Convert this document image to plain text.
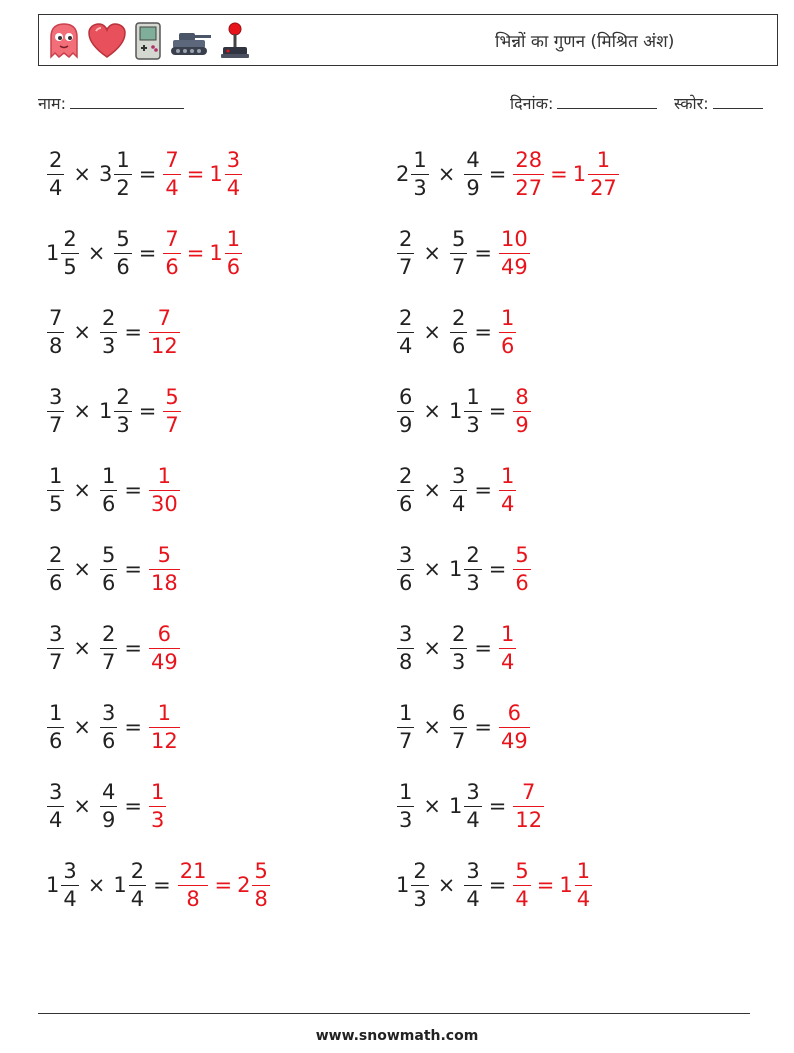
भिन्नों का गुणन (मिश्रित अंश)
नाम:	दिनांक:	स्कोर:
$\frac{2}{4} \times 3 \frac{1}{2} = \frac{7}{4} = 1 \frac{3}{4}$	$2 \frac{1}{3} \times \frac{4}{9} = \frac{28}{27} = 1 \frac{1}{27}$
$1 \frac{2}{5} \times \frac{5}{6} = \frac{7}{6} = 1 \frac{1}{6}$	$\frac{2}{7} \times \frac{5}{7} = \frac{10}{49}$
$\frac{7}{8} \times \frac{2}{3} = \frac{7}{12}$	$\frac{2}{4} \times \frac{2}{6} = \frac{1}{6}$
$\frac{3}{7} \times 1 \frac{2}{3} = \frac{5}{7}$	$\frac{6}{9} \times 1 \frac{1}{3} = \frac{8}{9}$
$\frac{1}{5} \times \frac{1}{6} = \frac{1}{30}$	$\frac{2}{6} \times \frac{3}{4} = \frac{1}{4}$
$\frac{2}{6} \times \frac{5}{6} = \frac{5}{18}$	$\frac{3}{6} \times 1 \frac{2}{3} = \frac{5}{6}$
$\frac{3}{7} \times \frac{2}{7} = \frac{6}{49}$	$\frac{3}{8} \times \frac{2}{3} = \frac{1}{4}$
$\frac{1}{6} \times \frac{3}{6} = \frac{1}{12}$	$\frac{1}{7} \times \frac{6}{7} = \frac{6}{49}$
$\frac{3}{4} \times \frac{4}{9} = \frac{1}{3}$	$\frac{1}{3} \times 1 \frac{3}{4} = \frac{7}{12}$
$1 \frac{3}{4} \times 1 \frac{2}{4} = \frac{21}{8} = 2 \frac{5}{8}$	$1 \frac{2}{3} \times \frac{3}{4} = \frac{5}{4} = 1 \frac{1}{4}$
www.snowmath.com
